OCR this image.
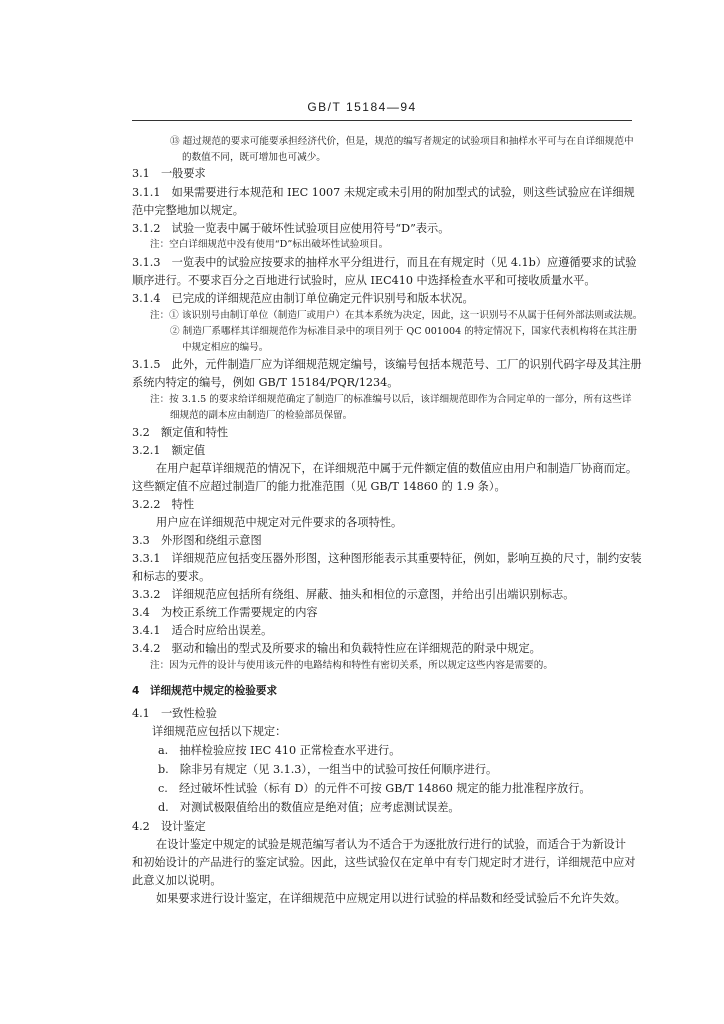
GB/T 15184—94
⑬ 超过规范的要求可能要承担经济代价，但是，规范的编写者规定的试验项目和抽样水平可与在自详细规范中
的数值不同，既可增加也可减少。
3.1　一般要求
3.1.1　如果需要进行本规范和 IEC 1007 未规定或未引用的附加型式的试验，则这些试验应在详细规
范中完整地加以规定。
3.1.2　试验一览表中属于破坏性试验项目应使用符号“D”表示。
注：空白详细规范中没有使用“D”标出破坏性试验项目。
3.1.3　一览表中的试验应按要求的抽样水平分组进行，而且在有规定时（见 4.1b）应遵循要求的试验
顺序进行。不要求百分之百地进行试验时，应从 IEC410 中选择检查水平和可接收质量水平。
3.1.4　已完成的详细规范应由制订单位确定元件识别号和版本状况。
注：① 该识别号由制订单位（制造厂或用户）在其本系统为决定，因此，这一识别号不从属于任何外部法则或法规。
② 制造厂系哪样其详细规范作为标准目录中的项目列于 QC 001004 的特定情况下，国家代表机构将在其注册
中规定相应的编号。
3.1.5　此外，元件制造厂应为详细规范规定编号，该编号包括本规范号、工厂的识别代码字母及其注册
系统内特定的编号，例如 GB/T 15184/PQR/1234。
注：按 3.1.5 的要求给详细规范确定了制造厂的标准编号以后，该详细规范即作为合同定单的一部分，所有这些详
细规范的副本应由制造厂的检验部员保留。
3.2　额定值和特性
3.2.1　额定值
在用户起草详细规范的情况下，在详细规范中属于元件额定值的数值应由用户和制造厂协商而定。
这些额定值不应超过制造厂的能力批准范围（见 GB/T 14860 的 1.9 条）。
3.2.2　特性
用户应在详细规范中规定对元件要求的各项特性。
3.3　外形图和绕组示意图
3.3.1　详细规范应包括变压器外形图，这种图形能表示其重要特征，例如，影响互换的尺寸，制约安装
和标志的要求。
3.3.2　详细规范应包括所有绕组、屏蔽、抽头和相位的示意图，并给出引出端识别标志。
3.4　为校正系统工作需要规定的内容
3.4.1　适合时应给出误差。
3.4.2　驱动和输出的型式及所要求的输出和负载特性应在详细规范的附录中规定。
注：因为元件的设计与使用该元件的电路结构和特性有密切关系，所以规定这些内容是需要的。
4　详细规范中规定的检验要求
4.1　一致性检验
详细规范应包括以下规定：
a.　抽样检验应按 IEC 410 正常检查水平进行。
b.　除非另有规定（见 3.1.3），一组当中的试验可按任何顺序进行。
c.　经过破坏性试验（标有 D）的元件不可按 GB/T 14860 规定的能力批准程序放行。
d.　对测试极限值给出的数值应是绝对值；应考虑测试误差。
4.2　设计鉴定
在设计鉴定中规定的试验是规范编写者认为不适合于为逐批放行进行的试验，而适合于为新设计
和初始设计的产品进行的鉴定试验。因此，这些试验仅在定单中有专门规定时才进行，详细规范中应对
此意义加以说明。
如果要求进行设计鉴定，在详细规范中应规定用以进行试验的样品数和经受试验后不允许失效。
